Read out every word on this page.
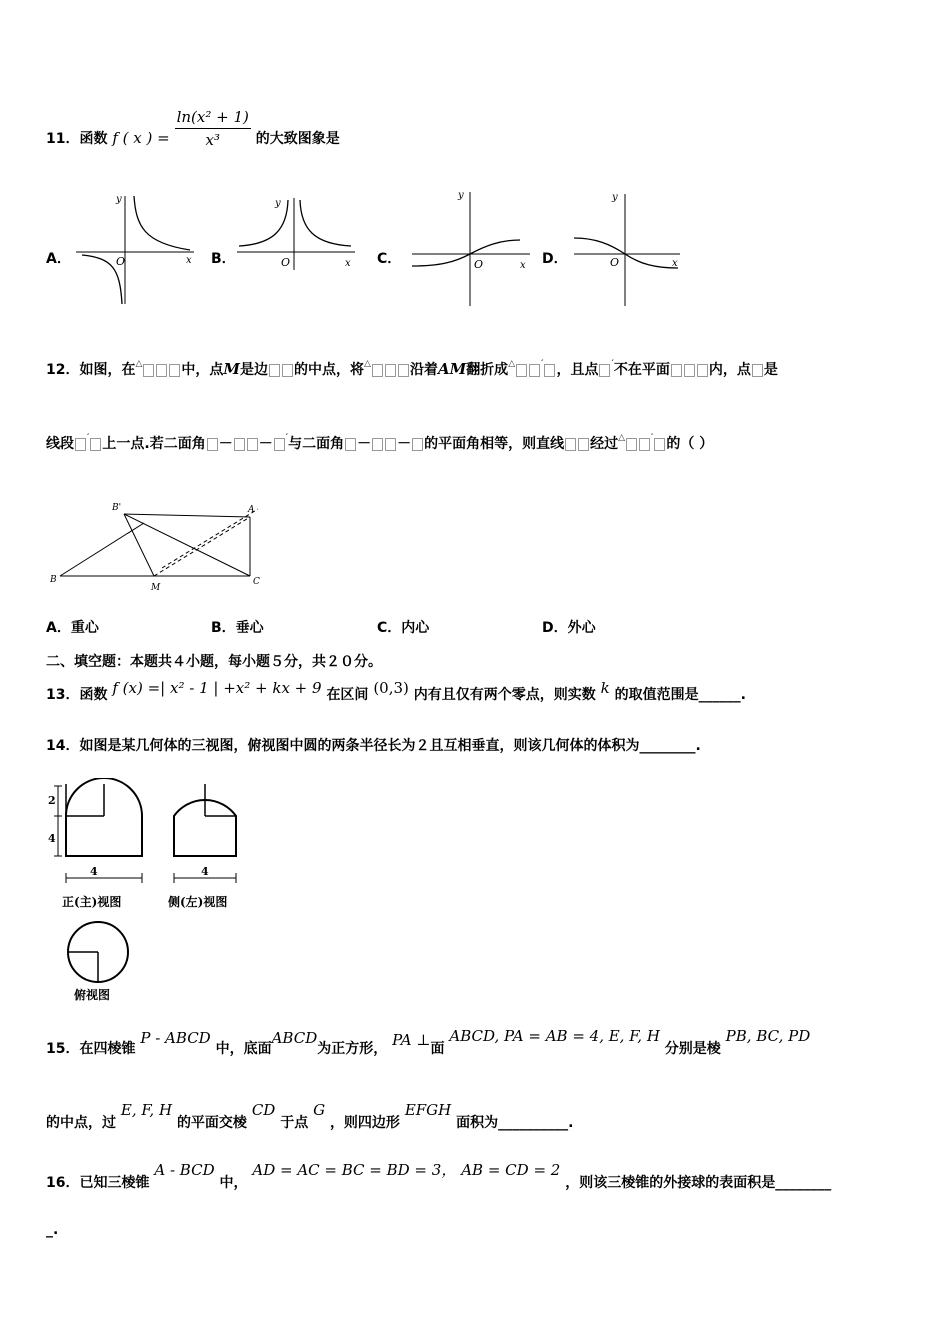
11．函数 f ( x ) = $\frac{\text{ln(x² + 1)}}{\text{x³}}$ 的大致图象是
A．	B．	C．	D．
y
x
O
y
x
O
y
x
O
y
x
O
12．如图，在△	中，点M是边 的中点，将△	沿着AM翻折成△	′ ，且点 ′不在平面	内，点 是
线段 ′ 上一点.若二面角 － － ′与二面角 － － 的平面角相等，则直线 经过△	′ 的（ ）
B'	A
B
M
C
A．重心	B．垂心	C．内心	D．外心
二、填空题：本题共４小题，每小题５分，共２０分。
13．函数 f (x) =| x² - 1 | +x² + kx + 9 在区间 (0,3) 内有且仅有两个零点，则实数 k 的取值范围是______.
14．如图是某几何体的三视图，俯视图中圆的两条半径长为２且互相垂直，则该几何体的体积为________.
2
4
4
正(主)视图
4
侧(左)视图
俯视图
15．在四棱锥 P - ABCD 中，底面ABCD为正方形， PA ⊥面 ABCD, PA = AB = 4, E, F, H 分别是棱 PB, BC, PD
的中点，过 E, F, H 的平面交棱 CD 于点 G ，则四边形 EFGH 面积为__________.
16．已知三棱锥 A - BCD 中， AD = AC = BC = BD = 3， AB = CD = 2 ，则该三棱锥的外接球的表面积是________
_.
